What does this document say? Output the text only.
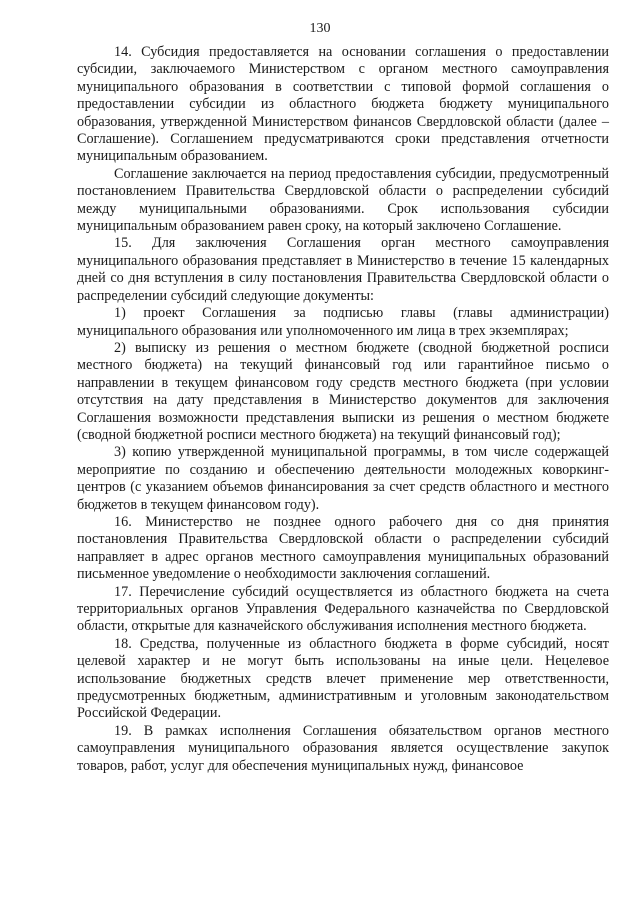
130

14. Субсидия предоставляется на основании соглашения о предоставлении субсидии, заключаемого Министерством с органом местного самоуправления муниципального образования в соответствии с типовой формой соглашения о предоставлении субсидии из областного бюджета бюджету муниципального образования, утвержденной Министерством финансов Свердловской области (далее – Соглашение). Соглашением предусматриваются сроки представления отчетности муниципальным образованием.

Соглашение заключается на период предоставления субсидии, предусмотренный постановлением Правительства Свердловской области о распределении субсидий между муниципальными образованиями. Срок использования субсидии муниципальным образованием равен сроку, на который заключено Соглашение.

15. Для заключения Соглашения орган местного самоуправления муниципального образования представляет в Министерство в течение 15 календарных дней со дня вступления в силу постановления Правительства Свердловской области о распределении субсидий следующие документы:

1) проект Соглашения за подписью главы (главы администрации) муниципального образования или уполномоченного им лица в трех экземплярах;

2) выписку из решения о местном бюджете (сводной бюджетной росписи местного бюджета) на текущий финансовый год или гарантийное письмо о направлении в текущем финансовом году средств местного бюджета (при условии отсутствия на дату представления в Министерство документов для заключения Соглашения возможности представления выписки из решения о местном бюджете (сводной бюджетной росписи местного бюджета) на текущий финансовый год);

3) копию утвержденной муниципальной программы, в том числе содержащей мероприятие по созданию и обеспечению деятельности молодежных коворкинг-центров (с указанием объемов финансирования за счет средств областного и местного бюджетов в текущем финансовом году).

16. Министерство не позднее одного рабочего дня со дня принятия постановления Правительства Свердловской области о распределении субсидий направляет в адрес органов местного самоуправления муниципальных образований письменное уведомление о необходимости заключения соглашений.

17. Перечисление субсидий осуществляется из областного бюджета на счета территориальных органов Управления Федерального казначейства по Свердловской области, открытые для казначейского обслуживания исполнения местного бюджета.

18. Средства, полученные из областного бюджета в форме субсидий, носят целевой характер и не могут быть использованы на иные цели. Нецелевое использование бюджетных средств влечет применение мер ответственности, предусмотренных бюджетным, административным и уголовным законодательством Российской Федерации.

19. В рамках исполнения Соглашения обязательством органов местного самоуправления муниципального образования является осуществление закупок товаров, работ, услуг для обеспечения муниципальных нужд, финансовое
